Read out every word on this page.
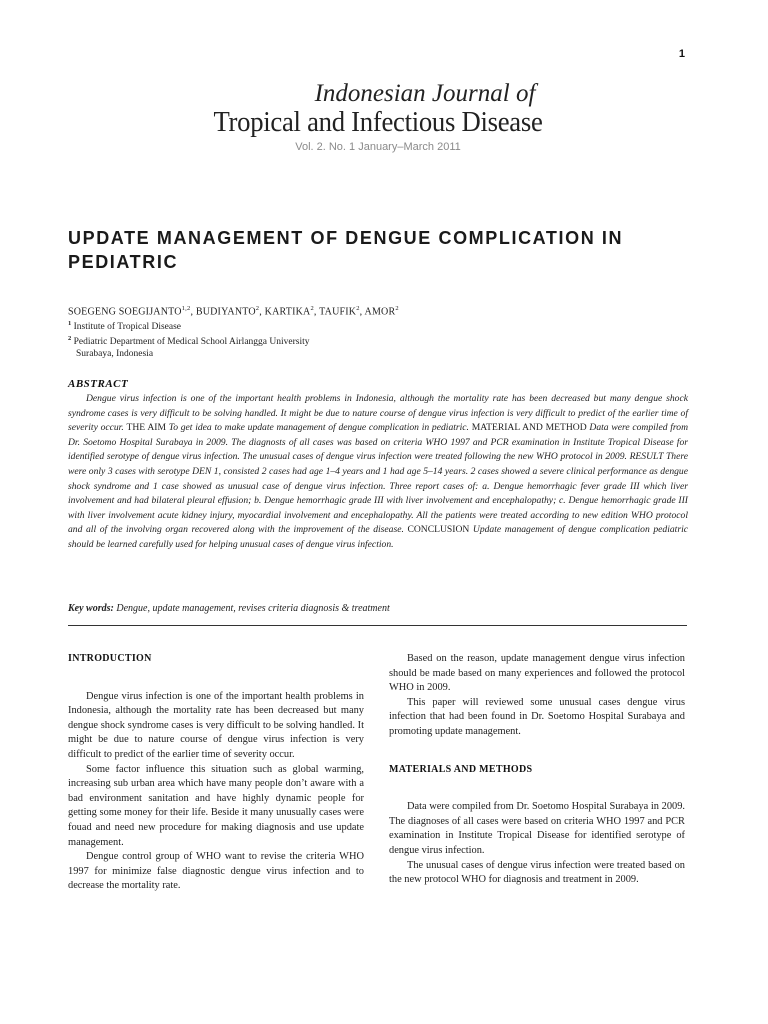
1
Indonesian Journal of
Tropical and Infectious Disease
Vol. 2. No. 1 January–March 2011
UPDATE MANAGEMENT OF DENGUE COMPLICATION IN PEDIATRIC
SOEGENG SOEGIJANTO$^{1,2}$, BUDIYANTO$^2$, KARTIKA$^2$, TAUFIK$^2$, AMOR$^2$

$^1$ Institute of Tropical Disease

$^2$ Pediatric Department of Medical School Airlangga University

Surabaya, Indonesia

ABSTRACT

Dengue virus infection is one of the important health problems in Indonesia, although the mortality rate has been decreased but many dengue shock syndrome cases is very difficult to be solving handled. It might be due to nature course of dengue virus infection is very difficult to predict of the earlier time of severity occur. THE AIM To get idea to make update management of dengue complication in pediatric. MATERIAL AND METHOD Data were compiled from Dr. Soetomo Hospital Surabaya in 2009. The diagnosts of all cases was based on criteria WHO 1997 and PCR examination in Institute Tropical Disease for identified serotype of dengue virus infection. The unusual cases of dengue virus infection were treated following the new WHO protocol in 2009. RESULT There were only 3 cases with serotype DEN 1, consisted 2 cases had age 1–4 years and 1 had age 5–14 years. 2 cases showed a severe clinical performance as dengue shock syndrome and 1 case showed as unusual case of dengue virus infection. Three report cases of: a. Dengue hemorrhagic fever grade III which liver involvement and had bilateral pleural effusion; b. Dengue hemorrhagic grade III with liver involvement and encephalopathy; c. Dengue hemorrhagic grade III with liver involvement acute kidney injury, myocardial involvement and encephalopathy. All the patients were treated according to new edition WHO protocol and all of the involving organ recovered along with the improvement of the disease. CONCLUSION Update management of dengue complication pediatric should be learned carefully used for helping unusual cases of dengue virus infection.

Key words: Dengue, update management, revises criteria diagnosis & treatment

INTRODUCTION

Dengue virus infection is one of the important health problems in Indonesia, although the mortality rate has been decreased but many dengue shock syndrome cases is very difficult to be solving handled. It might be due to nature course of dengue virus infection is very difficult to predict of the earlier time of severity occur.

Some factor influence this situation such as global warming, increasing sub urban area which have many people don’t aware with a bad environment sanitation and have highly dynamic people for getting some money for their life. Beside it many unusually cases were fouad and need new procedure for making diagnosis and use update management.

Dengue control group of WHO want to revise the criteria WHO 1997 for minimize false diagnostic dengue virus infection and to decrease the mortality rate.

Based on the reason, update management dengue virus infection should be made based on many experiences and followed the protocol WHO in 2009.

This paper will reviewed some unusual cases dengue virus infection that had been found in Dr. Soetomo Hospital Surabaya and promoting update management.

MATERIALS AND METHODS

Data were compiled from Dr. Soetomo Hospital Surabaya in 2009. The diagnoses of all cases were based on criteria WHO 1997 and PCR examination in Institute Tropical Disease for identified serotype of dengue virus infection.

The unusual cases of dengue virus infection were treated based on the new protocol WHO for diagnosis and treatment in 2009.
